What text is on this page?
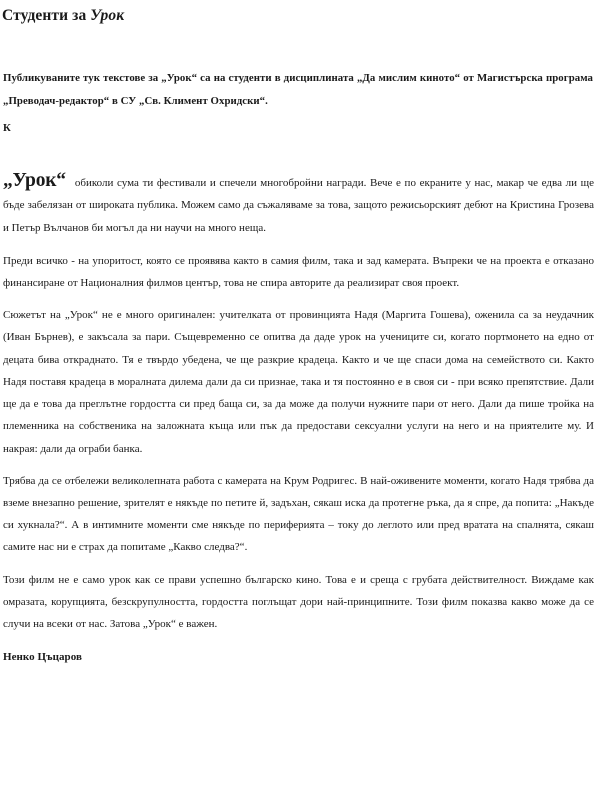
Студенти за Урок

Публикуваните тук текстове за „Урок“ са на студенти в дисциплината „Да мислим киното“ от Магистърска програма „Преводач-редактор“ в СУ „Св. Климент Охридски“.

К

„Урок“ обиколи сума ти фестивали и спечели многобройни награди. Вече е по екраните у нас, макар че едва ли ще бъде забелязан от широката публика. Можем само да съжаляваме за това, защото режисьорският дебют на Кристина Грозева и Петър Вълчанов би могъл да ни научи на много неща.

Преди всичко - на упоритост, която се проявява както в самия филм, така и зад камерата. Въпреки че на проекта е отказано финансиране от Националния филмов център, това не спира авторите да реализират своя проект.

Сюжетът на „Урок“ не е много оригинален: учителката от провинцията Надя (Маргита Гошева), оженила са за неудачник (Иван Бърнев), е закъсала за пари. Същевременно се опитва да даде урок на учениците си, когато портмонето на едно от децата бива откраднато. Тя е твърдо убедена, че ще разкрие крадеца. Както и че ще спаси дома на семейството си. Както Надя поставя крадеца в моралната дилема дали да си признае, така и тя постоянно е в своя си - при всяко препятствие. Дали ще да е това да преглътне гордостта си пред баща си, за да може да получи нужните пари от него. Дали да пише тройка на племенника на собственика на заложната къща или пък да предостави сексуални услуги на него и на приятелите му. И накрая: дали да ограби банка.

Трябва да се отбележи великолепната работа с камерата на Крум Родригес. В най-оживените моменти, когато Надя трябва да вземе внезапно решение, зрителят е някъде по петите й, задъхан, сякаш иска да протегне ръка, да я спре, да попита: „Накъде си хукнала?“. А в интимните моменти сме някъде по периферията – току до леглото или пред вратата на спалнята, сякаш самите нас ни е страх да попитаме „Какво следва?“.

Този филм не е само урок как се прави успешно българско кино. Това е и среща с грубата действителност. Виждаме как омразата, корупцията, безскрупулността, гордостта поглъщат дори най-принципните. Този филм показва какво може да се случи на всеки от нас. Затова „Урок“ е важен.

Ненко Цъцаров
